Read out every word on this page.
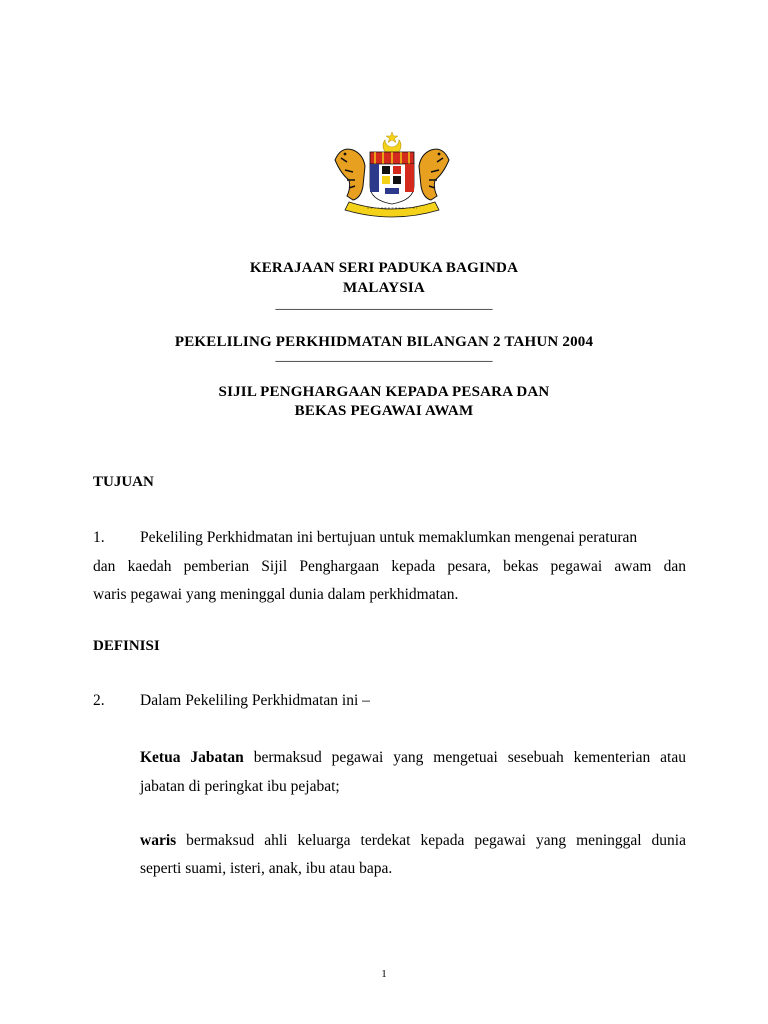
KERAJAAN SERI PADUKA BAGINDA
MALAYSIA
_______________________________
PEKELILING PERKHIDMATAN BILANGAN 2 TAHUN 2004
_______________________________
SIJIL PENGHARGAAN KEPADA PESARA DAN
BEKAS PEGAWAI AWAM
TUJUAN
1. Pekeliling Perkhidmatan ini bertujuan untuk memaklumkan mengenai peraturan
dan kaedah pemberian Sijil Penghargaan kepada pesara, bekas pegawai awam dan
waris pegawai yang meninggal dunia dalam perkhidmatan.
DEFINISI
2. Dalam Pekeliling Perkhidmatan ini –
Ketua Jabatan bermaksud pegawai yang mengetuai sesebuah kementerian atau
jabatan di peringkat ibu pejabat;
waris bermaksud ahli keluarga terdekat kepada pegawai yang meninggal dunia
seperti suami, isteri, anak, ibu atau bapa.
1
